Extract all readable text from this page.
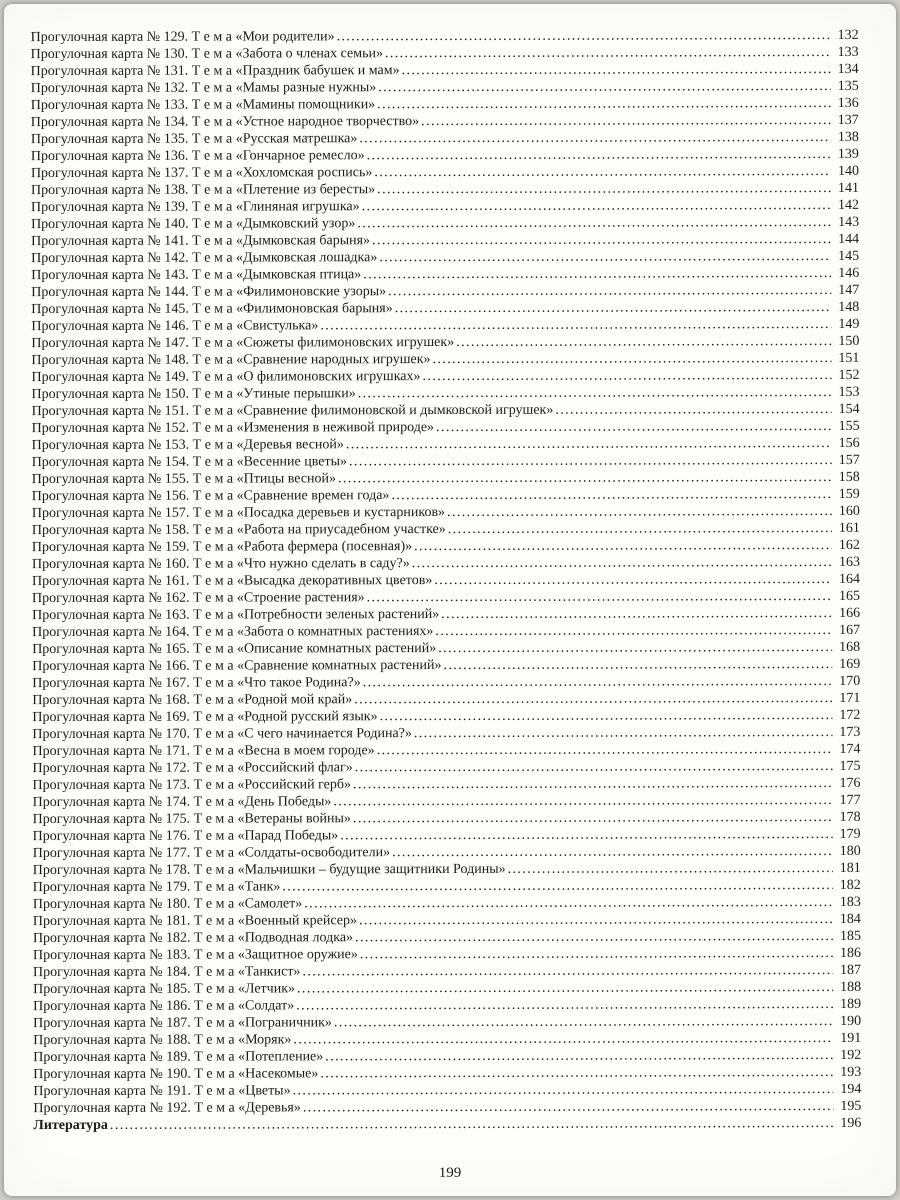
Прогулочная карта № 129. Т е м а «Мои родители» .....	132
Прогулочная карта № 130. Т е м а «Забота о членах семьи» .....	133
Прогулочная карта № 131. Т е м а «Праздник бабушек и мам» .....	134
Прогулочная карта № 132. Т е м а «Мамы разные нужны» .....	135
Прогулочная карта № 133. Т е м а «Мамины помощники» .....	136
Прогулочная карта № 134. Т е м а «Устное народное творчество» .....	137
Прогулочная карта № 135. Т е м а «Русская матрешка» .....	138
Прогулочная карта № 136. Т е м а «Гончарное ремесло» .....	139
Прогулочная карта № 137. Т е м а «Хохломская роспись» .....	140
Прогулочная карта № 138. Т е м а «Плетение из бересты» .....	141
Прогулочная карта № 139. Т е м а «Глиняная игрушка» .....	142
Прогулочная карта № 140. Т е м а «Дымковский узор» .....	143
Прогулочная карта № 141. Т е м а «Дымковская барыня» .....	144
Прогулочная карта № 142. Т е м а «Дымковская лошадка» .....	145
Прогулочная карта № 143. Т е м а «Дымковская птица» .....	146
Прогулочная карта № 144. Т е м а «Филимоновские узоры» .....	147
Прогулочная карта № 145. Т е м а «Филимоновская барыня» .....	148
Прогулочная карта № 146. Т е м а «Свистулька» .....	149
Прогулочная карта № 147. Т е м а «Сюжеты филимоновских игрушек» .....	150
Прогулочная карта № 148. Т е м а «Сравнение народных игрушек» .....	151
Прогулочная карта № 149. Т е м а «О филимоновских игрушках» .....	152
Прогулочная карта № 150. Т е м а «Утиные перышки» .....	153
Прогулочная карта № 151. Т е м а «Сравнение филимоновской и дымковской игрушек» .....	154
Прогулочная карта № 152. Т е м а «Изменения в неживой природе» .....	155
Прогулочная карта № 153. Т е м а «Деревья весной» .....	156
Прогулочная карта № 154. Т е м а «Весенние цветы» .....	157
Прогулочная карта № 155. Т е м а «Птицы весной» .....	158
Прогулочная карта № 156. Т е м а «Сравнение времен года» .....	159
Прогулочная карта № 157. Т е м а «Посадка деревьев и кустарников» .....	160
Прогулочная карта № 158. Т е м а «Работа на приусадебном участке» .....	161
Прогулочная карта № 159. Т е м а «Работа фермера (посевная)» .....	162
Прогулочная карта № 160. Т е м а «Что нужно сделать в саду?» .....	163
Прогулочная карта № 161. Т е м а «Высадка декоративных цветов» .....	164
Прогулочная карта № 162. Т е м а «Строение растения» .....	165
Прогулочная карта № 163. Т е м а «Потребности зеленых растений» .....	166
Прогулочная карта № 164. Т е м а «Забота о комнатных растениях» .....	167
Прогулочная карта № 165. Т е м а «Описание комнатных растений» .....	168
Прогулочная карта № 166. Т е м а «Сравнение комнатных растений» .....	169
Прогулочная карта № 167. Т е м а «Что такое Родина?» .....	170
Прогулочная карта № 168. Т е м а «Родной мой край» .....	171
Прогулочная карта № 169. Т е м а «Родной русский язык» .....	172
Прогулочная карта № 170. Т е м а «С чего начинается Родина?» .....	173
Прогулочная карта № 171. Т е м а «Весна в моем городе» .....	174
Прогулочная карта № 172. Т е м а «Российский флаг» .....	175
Прогулочная карта № 173. Т е м а «Российский герб» .....	176
Прогулочная карта № 174. Т е м а «День Победы» .....	177
Прогулочная карта № 175. Т е м а «Ветераны войны» .....	178
Прогулочная карта № 176. Т е м а «Парад Победы» .....	179
Прогулочная карта № 177. Т е м а «Солдаты-освободители» .....	180
Прогулочная карта № 178. Т е м а «Мальчишки – будущие защитники Родины» .....	181
Прогулочная карта № 179. Т е м а «Танк» .....	182
Прогулочная карта № 180. Т е м а «Самолет» .....	183
Прогулочная карта № 181. Т е м а «Военный крейсер» .....	184
Прогулочная карта № 182. Т е м а «Подводная лодка» .....	185
Прогулочная карта № 183. Т е м а «Защитное оружие» .....	186
Прогулочная карта № 184. Т е м а «Танкист» .....	187
Прогулочная карта № 185. Т е м а «Летчик» .....	188
Прогулочная карта № 186. Т е м а «Солдат» .....	189
Прогулочная карта № 187. Т е м а «Пограничник» .....	190
Прогулочная карта № 188. Т е м а «Моряк» .....	191
Прогулочная карта № 189. Т е м а «Потепление» .....	192
Прогулочная карта № 190. Т е м а «Насекомые» .....	193
Прогулочная карта № 191. Т е м а «Цветы» .....	194
Прогулочная карта № 192. Т е м а «Деревья» .....	195
Литература .....	196
199
